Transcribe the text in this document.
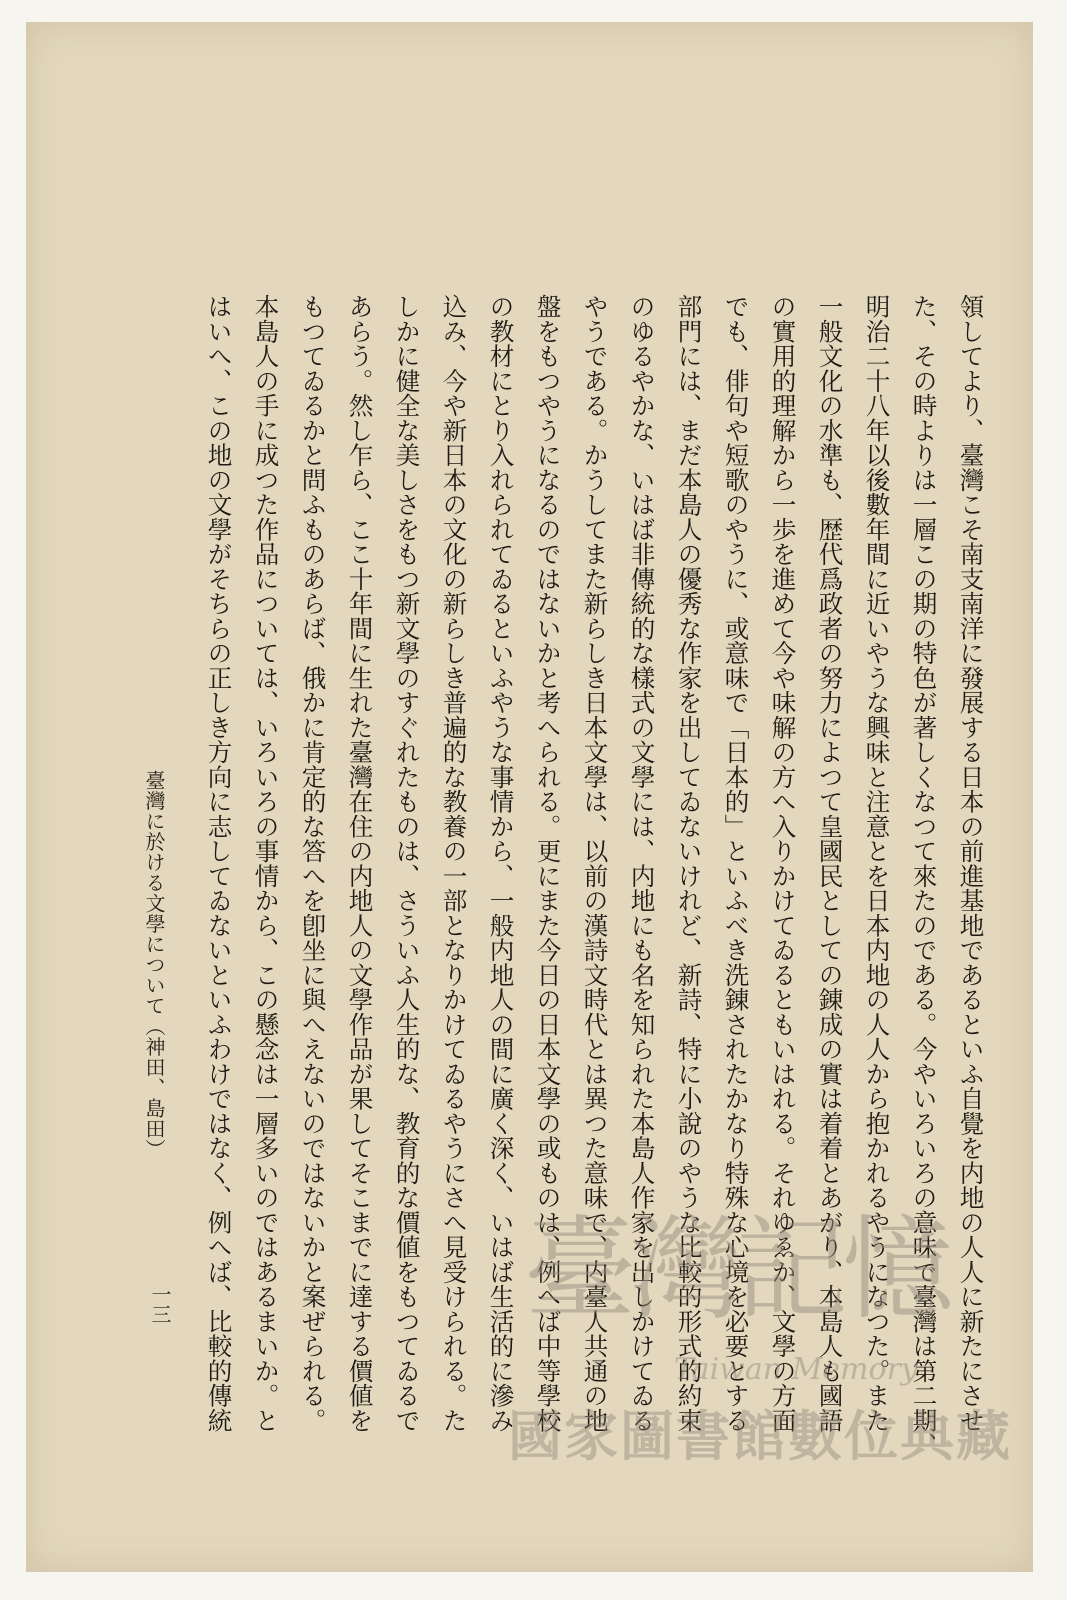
領してより、臺灣こそ南支南洋に發展する日本の前進基地であるといふ自覺を内地の人人に新たにさせ
た、その時よりは一層この期の特色が著しくなつて來たのである。今やいろいろの意味で臺灣は第二期、
明治二十八年以後數年間に近いやうな興味と注意とを日本内地の人人から抱かれるやうになつた。また
一般文化の水準も、歴代爲政者の努力によつて皇國民としての錬成の實は着着とあがり、本島人も國語
の實用的理解から一歩を進めて今や味解の方へ入りかけてゐるともいはれる。それゆゑか、文學の方面
でも、俳句や短歌のやうに、或意味で「日本的」といふべき洗錬されたかなり特殊な心境を必要とする
部門には、まだ本島人の優秀な作家を出してゐないけれど、新詩、特に小說のやうな比較的形式的約束
のゆるやかな、いはば非傳統的な樣式の文學には、内地にも名を知られた本島人作家を出しかけてゐる
やうである。かうしてまた新らしき日本文學は、以前の漢詩文時代とは異つた意味で、内臺人共通の地
盤をもつやうになるのではないかと考へられる。更にまた今日の日本文學の或ものは、例へば中等學校
の教材にとり入れられてゐるといふやうな事情から、一般内地人の間に廣く深く、いはば生活的に滲み
込み、今や新日本の文化の新らしき普遍的な教養の一部となりかけてゐるやうにさへ見受けられる。た
しかに健全な美しさをもつ新文學のすぐれたものは、さういふ人生的な、教育的な價値をもつてゐるで
あらう。然し乍ら、ここ十年間に生れた臺灣在住の内地人の文學作品が果してそこまでに達する價値を
もつてゐるかと問ふものあらば、俄かに肯定的な答へを卽坐に與へえないのではないかと案ぜられる。
本島人の手に成つた作品については、いろいろの事情から、この懸念は一層多いのではあるまいか。と
はいへ、この地の文學がそちらの正しき方向に志してゐないといふわけではなく、例へば、比較的傳統
臺灣に於ける文學について（神田、島田）
一三	臺灣記憶
Taiwan Memory
國家圖書館數位典藏
